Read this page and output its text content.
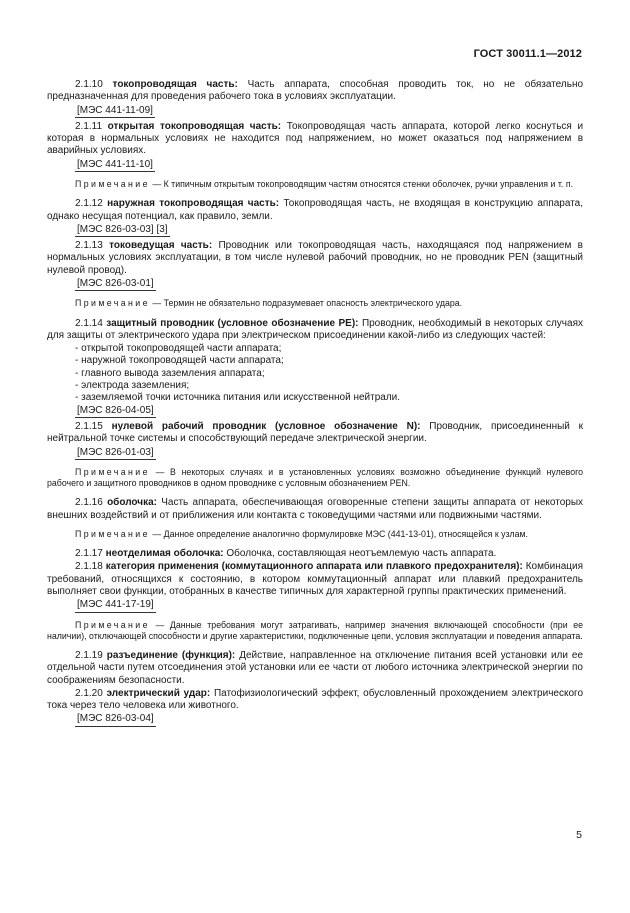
ГОСТ 30011.1—2012

2.1.10 токопроводящая часть: Часть аппарата, способная проводить ток, но не обязательно предназначенная для проведения рабочего тока в условиях эксплуатации.

[МЭС 441-11-09]

2.1.11 открытая токопроводящая часть: Токопроводящая часть аппарата, которой легко коснуться и которая в нормальных условиях не находится под напряжением, но может оказаться под напряжением в аварийных условиях.

[МЭС 441-11-10]

Примечание — К типичным открытым токопроводящим частям относятся стенки оболочек, ручки управления и т. п.

2.1.12 наружная токопроводящая часть: Токопроводящая часть, не входящая в конструкцию аппарата, однако несущая потенциал, как правило, земли.

[МЭС 826-03-03] [3]

2.1.13 токоведущая часть: Проводник или токопроводящая часть, находящаяся под напряжением в нормальных условиях эксплуатации, в том числе нулевой рабочий проводник, но не проводник PEN (защитный нулевой провод).

[МЭС 826-03-01]

Примечание — Термин не обязательно подразумевает опасность электрического удара.

2.1.14 защитный проводник (условное обозначение PE): Проводник, необходимый в некоторых случаях для защиты от электрического удара при электрическом присоединении какой-либо из следующих частей:

- открытой токопроводящей части аппарата;

- наружной токопроводящей части аппарата;

- главного вывода заземления аппарата;

- электрода заземления;

- заземляемой точки источника питания или искусственной нейтрали.

[МЭС 826-04-05]

2.1.15 нулевой рабочий проводник (условное обозначение N): Проводник, присоединенный к нейтральной точке системы и способствующий передаче электрической энергии.

[МЭС 826-01-03]

Примечание — В некоторых случаях и в установленных условиях возможно объединение функций нулевого рабочего и защитного проводников в одном проводнике с условным обозначением PEN.

2.1.16 оболочка: Часть аппарата, обеспечивающая оговоренные степени защиты аппарата от некоторых внешних воздействий и от приближения или контакта с токоведущими частями или подвижными частями.

Примечание — Данное определение аналогично формулировке МЭС (441-13-01), относящейся к узлам.

2.1.17 неотделимая оболочка: Оболочка, составляющая неотъемлемую часть аппарата.

2.1.18 категория применения (коммутационного аппарата или плавкого предохранителя): Комбинация требований, относящихся к состоянию, в котором коммутационный аппарат или плавкий предохранитель выполняет свои функции, отобранных в качестве типичных для характерной группы практических применений.

[МЭС 441-17-19]

Примечание — Данные требования могут затрагивать, например значения включающей способности (при ее наличии), отключающей способности и другие характеристики, подключенные цепи, условия эксплуатации и поведения аппарата.

2.1.19 разъединение (функция): Действие, направленное на отключение питания всей установки или ее отдельной части путем отсоединения этой установки или ее части от любого источника электрической энергии по соображениям безопасности.

2.1.20 электрический удар: Патофизиологический эффект, обусловленный прохождением электрического тока через тело человека или животного.

[МЭС 826-03-04]
5
